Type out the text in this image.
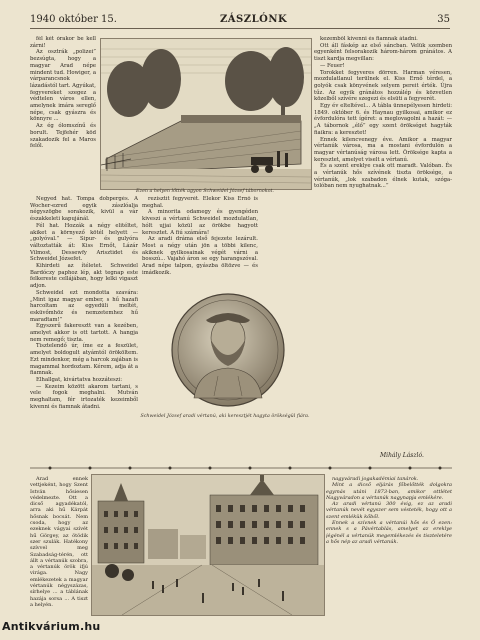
1940 október 15.	ZÁSZLÓNK	35

fél két órakor be kell zárni!

Az osztrák „polizei” bezsúgta, hogy a magyar Arad népe mindent tud. Howiger, a várparancsnok lázadástól tart. Agyúkat, fegyvereket szegez a védtelen város ellen, amelynek imára sereglő népe, csak gyászra és könnyre ...

Az ég ólomszínű és borult. Tejfehér köd szakadozik fel a Maros felől.

Ezen a helyen lőtték agyon Schweidel József tábornokot.

Negyed hat. Tompa dobpergés. A Wocher-ezred egyik zászlóalja négyszögbe sorakozik, kivül a vár északkeleti kapujánál.

Fél hat. Hozzák a négy elitéltet, akiket a környező kötél helyett — „golyóval.” — Sipur- és gulyóra változtatták át: Kiss Ernőt, Lázár Vilmost, Dessewfy Arisztidet és Schweidel Józsefet.

Kihirdeti az ítéletet. Schweidel Bardóczy paphoz lép, akt tegnap este felkereste cellájában, hogy lelki vigaszt adjon.

Schweidel ezt mondotta szavára: „Mint igaz magyar ember, s hű hazafi harcoltam az egyedüli meltét, esküvőmhöz és nemzetemhez hű maradtam!”

Egyszerű fakeresztt van a kezében, amelyet akkor is ott tartott. A hangja nem remegő; tiszta.

Tisztelendő úr, íme ez a feszület, amelyet boldogult atyámtól örököltem. Ezt mindenkor, még a harcok zajában is magammal hordoztam. Kérem, adja át a fiamnak.

Elhallgat, kivártatva hozzáteszi:

— Kezeim között akarom tartani, s vele fogok meghalni. Mutván meghaltam, fér irtozaték kezeimből kivenni és fiamnak átadni.

rezisztít fegyverét. Elekor Kiss Ernő is meghal.

A minorita odamegy és gyengéden kiveszi a vértanú Schweidel mozdulatlan, hólt ujjai közül az örökbe hagyott keresztet. A fiú számára!

Az aradi dráma első fejezete lezárult. Most a négy után jön a többi kilenc, akiknek gyilkosainak végét várni a bosszú... Vajahó áron se egy harangszóval. Arad népe talpon, gyászba öltözve — és imádkozik.

Schweidel József aradi vértanú, aki keresztjét hagyta örökségül fiára.

kezemből kivenni és fiamnak átadni.

Ott áll fáskép az első sáncban. Velük szemben egyenként felsorakozik három-három gránátos. A tiszt kardja megvillan:

— Feuer!

Torokket fegyveres dörren. Harman véresen, mozdulatlanul terülnek el. Kiss Ernő térdel, a golyók csak könyvének selyem pereit érték. Újra tűz. Az egyik gránátos hozzálép és közvetlen közelből szívére szegezi és elsüti a fegyverét.

Egy év elteltével... A tábla ünnepélyesen hirdeti: 1849. október 6. és Haynau gyilkosai, amikor ez évfordulóra tett ígéret: a meglovagolni a hazát: — „A tábornok „élő” egy szent örökséget hagyták fiaikra: a keresztet!

Ennek kilencvenegy éve. Amikor a magyar vértanúk városa, ma a mostani évfordulón a magyar vértanúság városa lett. Öröksége kapta a keresztet, amelyet viselt a vértanú.

És a szent ereklye csak ott maradt. Valóban. És a vértanúk hős szívének tiszta öröksége, a vértanúk, „lok szabadon élnek kutak, szóga-tolóban nem nyughatnak...”

Mihály László.

Arad ennek vettjeként, hogy Szent István hősiesen védelmezte. Ott a dicső agyadékatól, arra aki hű Kárpát hősnak bocsát. Nem csoda, hogy az ezeknek vágyai szívét hű Görgey, az ötödik szer szulák. Hatékony szívvel meg Szabadság-térén, ott állt a vértanúk szobra, a vértanúk örök ifjú virága. Nagy emlékezetek a magyar vértanúk négyszázas, sírhelye ... a táblának hazája sorsa ... A tiszt a helyén.

nagyváradi jogakadémiai tanárok.

Mint a dicső eljárás főbelőtték dolgokra egymás utáni 1873-ban, amikor ottlétet Nagyváradon a vértanúk nagynapja emlékére.

Az aradi vértanú 300 évig, ez az aradi vértanúk nevét egyszer sem vésteték, hogy ott a szent emlékük kőből.

Ennek a szívnek a vértanúi hős és Ő ezen: ennek s a Pávértablás, amelyet az ereklye jégénél a vértanúk megemlékezés és tiszteletére a hős nép az aradi vértanúk.

Antikvárium.hu
